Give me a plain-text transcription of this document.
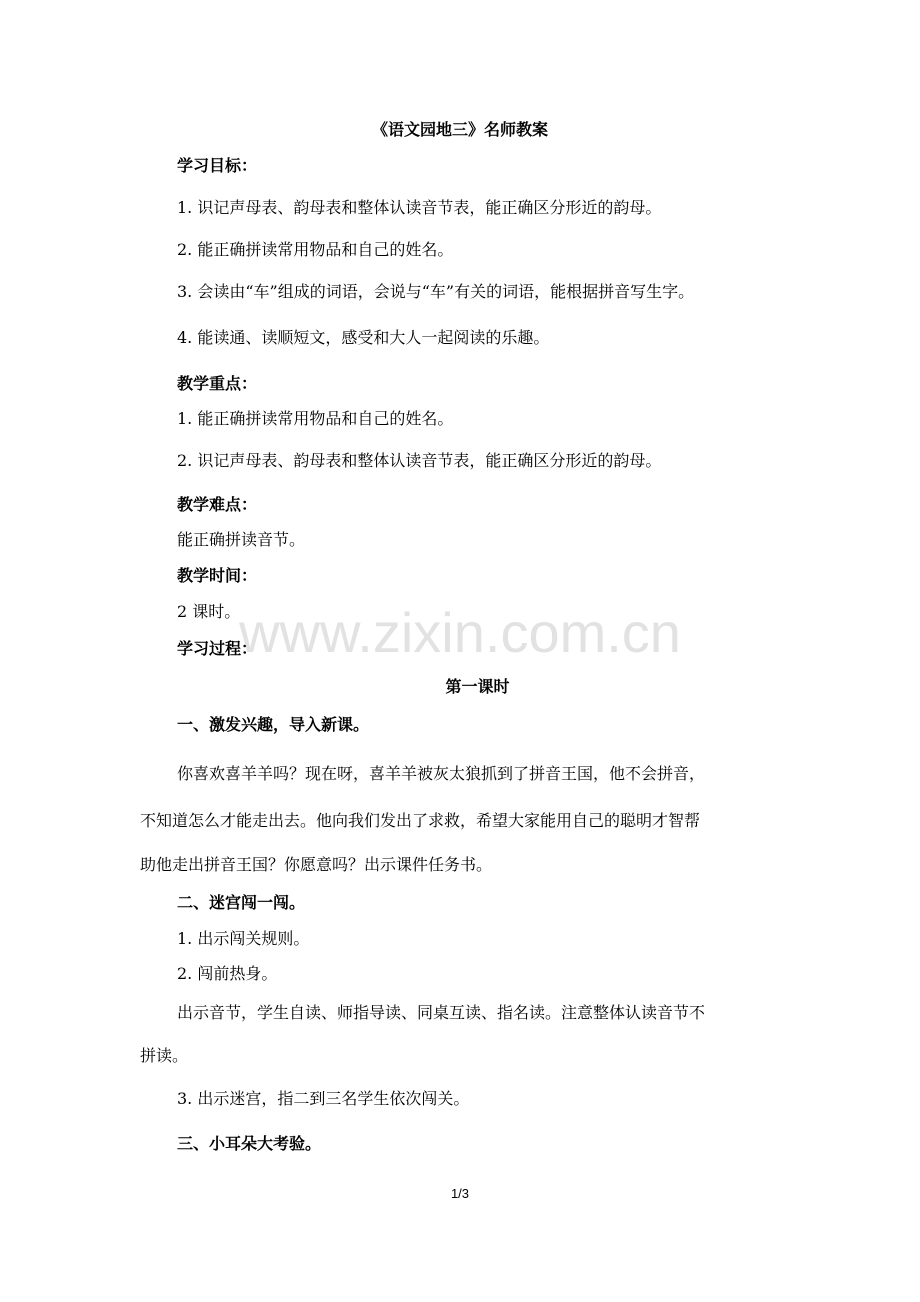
《语文园地三》名师教案
学习目标：
1. 识记声母表、韵母表和整体认读音节表，能正确区分形近的韵母。
2. 能正确拼读常用物品和自己的姓名。
3. 会读由“车”组成的词语，会说与“车”有关的词语，能根据拼音写生字。
4. 能读通、读顺短文，感受和大人一起阅读的乐趣。
教学重点：
1. 能正确拼读常用物品和自己的姓名。
2. 识记声母表、韵母表和整体认读音节表，能正确区分形近的韵母。
教学难点：
能正确拼读音节。
教学时间：
2 课时。
学习过程：
第一课时
一、激发兴趣，导入新课。
你喜欢喜羊羊吗？现在呀，喜羊羊被灰太狼抓到了拼音王国，他不会拼音，
不知道怎么才能走出去。他向我们发出了求救，希望大家能用自己的聪明才智帮
助他走出拼音王国？你愿意吗？出示课件任务书。
二、迷宫闯一闯。
1. 出示闯关规则。
2. 闯前热身。
出示音节，学生自读、师指导读、同桌互读、指名读。注意整体认读音节不
拼读。
3. 出示迷宫，指二到三名学生依次闯关。
三、小耳朵大考验。
www.zixin.com.cn
1/3
